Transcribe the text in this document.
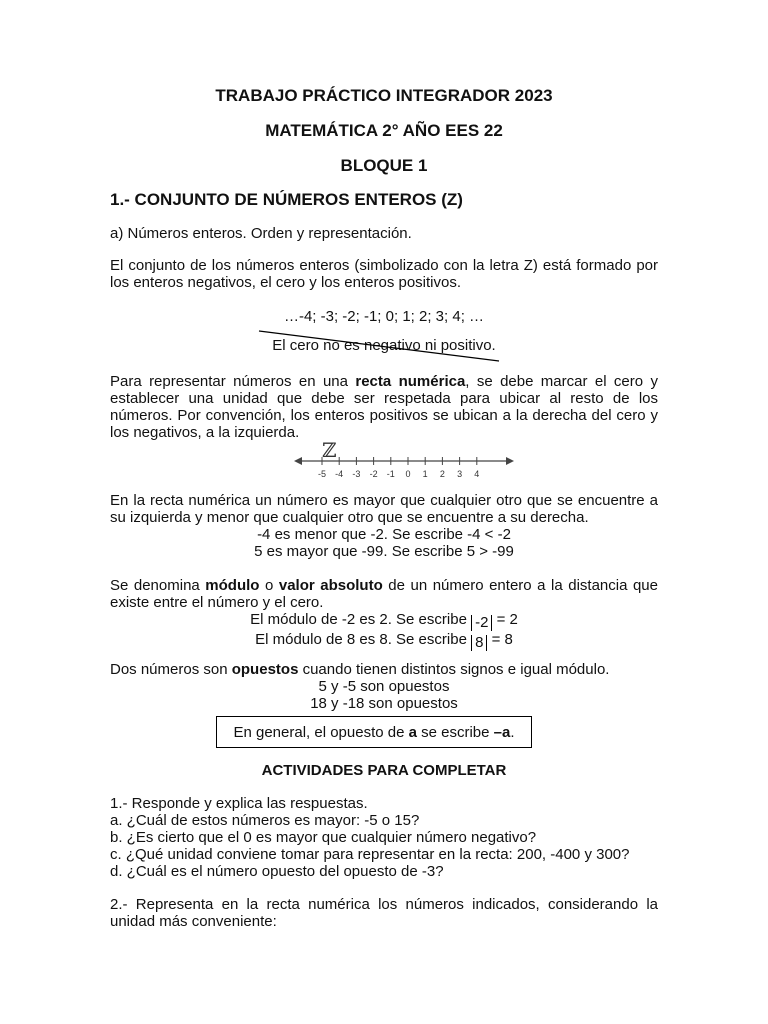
TRABAJO PRÁCTICO INTEGRADOR 2023
MATEMÁTICA 2° AÑO EES 22
BLOQUE 1
1.- CONJUNTO DE NÚMEROS ENTEROS (Z)
a) Números enteros. Orden y representación.
El conjunto de los números enteros (simbolizado con la letra Z) está formado por los enteros negativos, el cero y los enteros positivos.
…-4; -3; -2; -1; 0; 1; 2; 3; 4; …
El cero no es negativo ni positivo.
Para representar números en una recta numérica, se debe marcar el cero y establecer una unidad que debe ser respetada para ubicar al resto de los números. Por convención, los enteros positivos se ubican a la derecha del cero y los negativos, a la izquierda.
ℤ
-5	-4	-3	-2	-1	0	1	2	3	4
En la recta numérica un número es mayor que cualquier otro que se encuentre a su izquierda y menor que cualquier otro que se encuentre a su derecha.
-4 es menor que -2. Se escribe -4 < -2
5 es mayor que -99. Se escribe 5 > -99
Se denomina módulo o valor absoluto de un número entero a la distancia que existe entre el número y el cero.
El módulo de -2 es 2. Se escribe -2 = 2
El módulo de 8 es 8. Se escribe 8 = 8
Dos números son opuestos cuando tienen distintos signos e igual módulo.
5 y -5 son opuestos
18 y -18 son opuestos
En general, el opuesto de
a
se escribe
–a .
ACTIVIDADES PARA COMPLETAR
1.- Responde y explica las respuestas.
a. ¿Cuál de estos números es mayor: -5 o 15?
b. ¿Es cierto que el 0 es mayor que cualquier número negativo?
c. ¿Qué unidad conviene tomar para representar en la recta: 200, -400 y 300?
d. ¿Cuál es el número opuesto del opuesto de -3?
2.- Representa en la recta numérica los números indicados, considerando la unidad más conveniente:
